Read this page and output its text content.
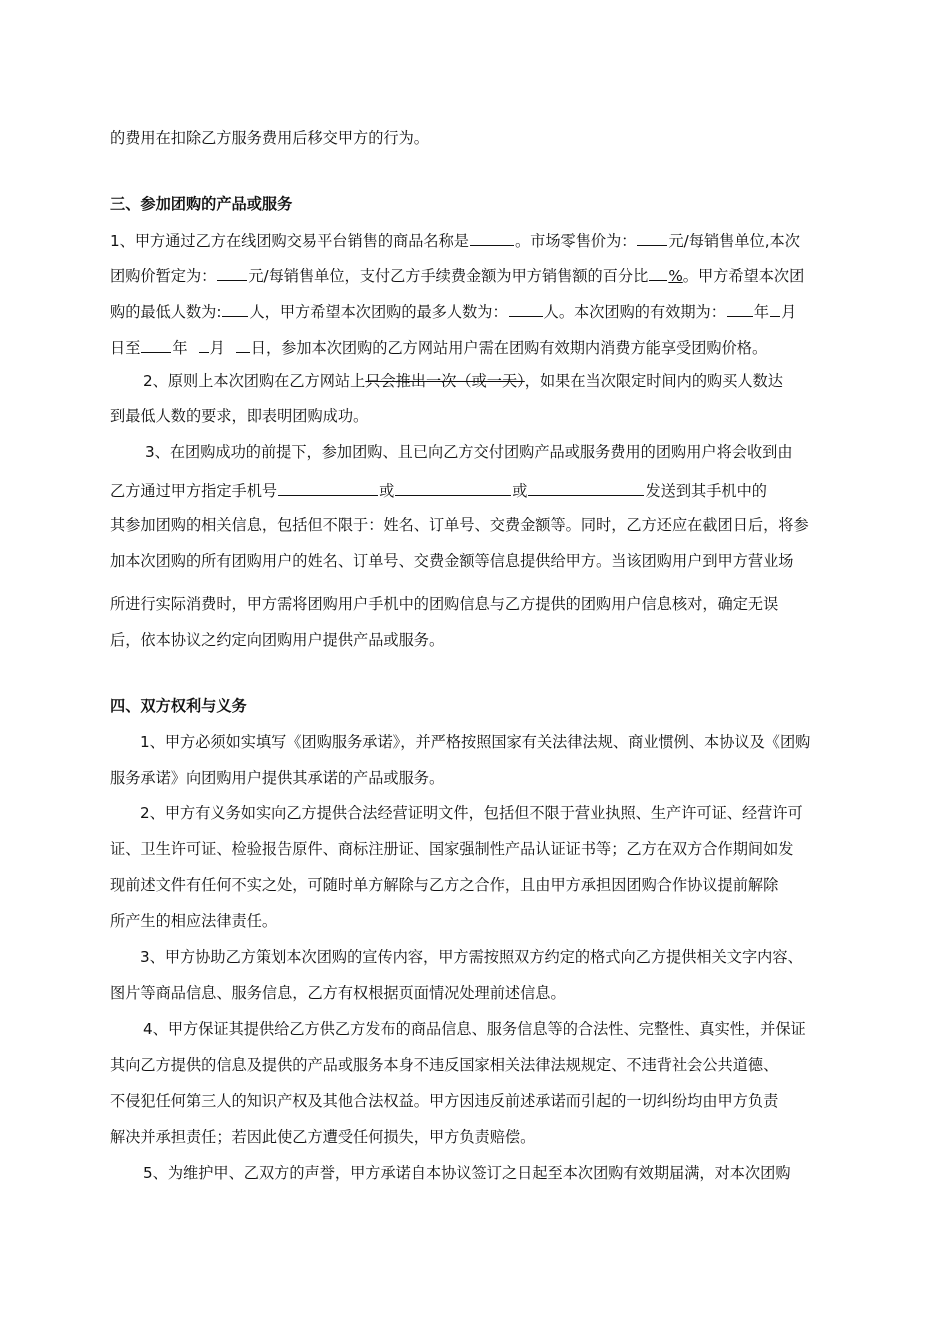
的费用在扣除乙方服务费用后移交甲方的行为。
三、参加团购的产品或服务
1、甲方通过乙方在线团购交易平台销售的商品名称是	。市场零售价为： 元/每销售单位,本次
团购价暂定为： 元/每销售单位，支付乙方手续费金额为甲方销售额的百分比 %。甲方希望本次团
购的最低人数为: 人，甲方希望本次团购的最多人数为： 人。本次团购的有效期为： 年 月
日至 年 月 日，参加本次团购的乙方网站用户需在团购有效期内消费方能享受团购价格。
2、原则上本次团购在乙方网站上只会推出一次（或一天），如果在当次限定时间内的购买人数达
到最低人数的要求，即表明团购成功。
3、在团购成功的前提下，参加团购、且已向乙方交付团购产品或服务费用的团购用户将会收到由
乙方通过甲方指定手机号	或	或	发送到其手机中的
其参加团购的相关信息，包括但不限于：姓名、订单号、交费金额等。同时，乙方还应在截团日后，将参
加本次团购的所有团购用户的姓名、订单号、交费金额等信息提供给甲方。当该团购用户到甲方营业场
所进行实际消费时，甲方需将团购用户手机中的团购信息与乙方提供的团购用户信息核对，确定无误
后，依本协议之约定向团购用户提供产品或服务。
四、双方权利与义务
1、甲方必须如实填写《团购服务承诺》，并严格按照国家有关法律法规、商业惯例、本协议及《团购
服务承诺》向团购用户提供其承诺的产品或服务。
2、甲方有义务如实向乙方提供合法经营证明文件，包括但不限于营业执照、生产许可证、经营许可
证、卫生许可证、检验报告原件、商标注册证、国家强制性产品认证证书等；乙方在双方合作期间如发
现前述文件有任何不实之处，可随时单方解除与乙方之合作，且由甲方承担因团购合作协议提前解除
所产生的相应法律责任。
3、甲方协助乙方策划本次团购的宣传内容，甲方需按照双方约定的格式向乙方提供相关文字内容、
图片等商品信息、服务信息，乙方有权根据页面情况处理前述信息。
4、甲方保证其提供给乙方供乙方发布的商品信息、服务信息等的合法性、完整性、真实性，并保证
其向乙方提供的信息及提供的产品或服务本身不违反国家相关法律法规规定、不违背社会公共道德、
不侵犯任何第三人的知识产权及其他合法权益。甲方因违反前述承诺而引起的一切纠纷均由甲方负责
解决并承担责任；若因此使乙方遭受任何损失，甲方负责赔偿。
5、为维护甲、乙双方的声誉，甲方承诺自本协议签订之日起至本次团购有效期届满，对本次团购
